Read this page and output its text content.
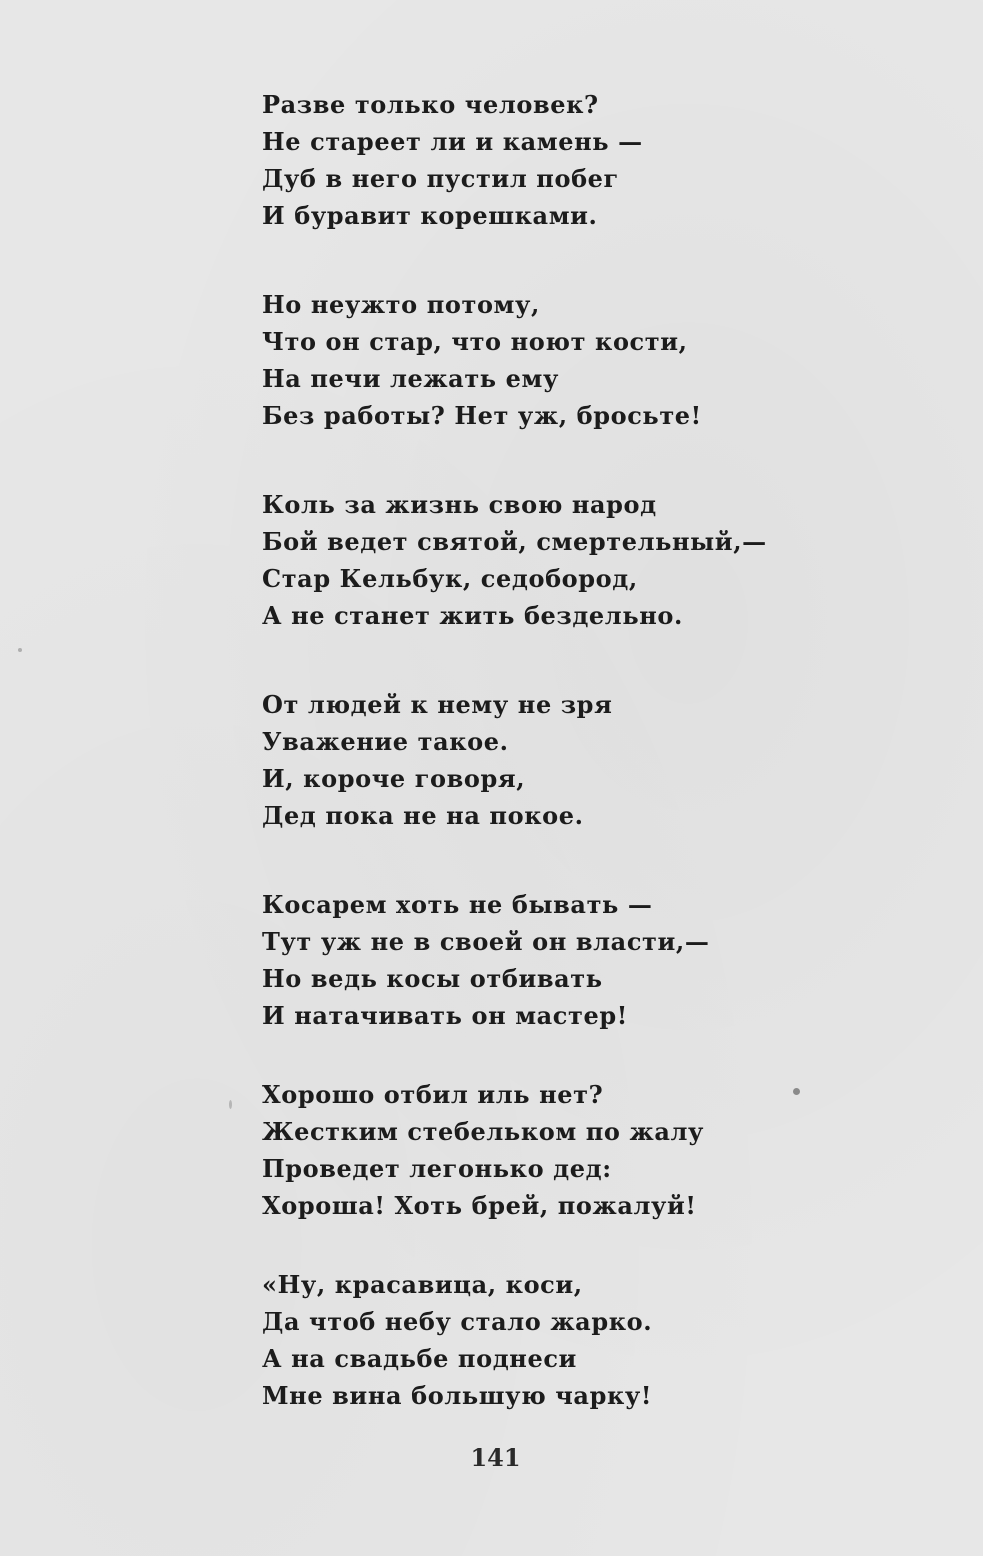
Разве только человек?
Не стареет ли и камень —
Дуб в него пустил побег
И буравит корешками.
Но неужто потому,
Что он стар, что ноют кости,
На печи лежать ему
Без работы? Нет уж, бросьте!
Коль за жизнь свою народ
Бой ведет святой, смертельный,—
Стар Кельбук, седобород,
А не станет жить бездельно.
От людей к нему не зря
Уважение такое.
И, короче говоря,
Дед пока не на покое.
Косарем хоть не бывать —
Тут уж не в своей он власти,—
Но ведь косы отбивать
И натачивать он мастер!
Хорошо отбил иль нет?
Жестким стебельком по жалу
Проведет легонько дед:
Хороша! Хоть брей, пожалуй!
«Ну, красавица, коси,
Да чтоб небу стало жарко.
А на свадьбе поднеси
Мне вина большую чарку!
141
